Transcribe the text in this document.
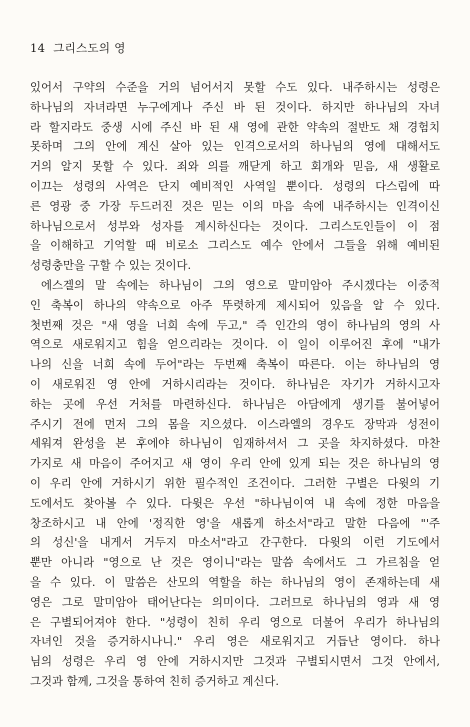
14 그리스도의 영
있어서 구약의 수준을 거의 넘어서지 못할 수도 있다. 내주하시는 성령은
하나님의 자녀라면 누구에게나 주신 바 된 것이다. 하지만 하나님의 자녀
라 할지라도 중생 시에 주신 바 된 새 영에 관한 약속의 절반도 채 경험치
못하며 그의 안에 계신 살아 있는 인격으로서의 하나님의 영에 대해서도
거의 알지 못할 수 있다. 죄와 의를 깨닫게 하고 회개와 믿음, 새 생활로
이끄는 성령의 사역은 단지 예비적인 사역일 뿐이다. 성령의 다스림에 따
른 영광 중 가장 두드러진 것은 믿는 이의 마음 속에 내주하시는 인격이신
하나님으로서 성부와 성자를 계시하신다는 것이다. 그리스도인들이 이 점
을 이해하고 기억할 때 비로소 그리스도 예수 안에서 그들을 위해 예비된
성령충만을 구할 수 있는 것이다.
에스겔의 말 속에는 하나님이 그의 영으로 말미암아 주시겠다는 이중적
인 축복이 하나의 약속으로 아주 뚜렷하게 제시되어 있음을 알 수 있다.
첫번째 것은 "새 영을 너희 속에 두고," 즉 인간의 영이 하나님의 영의 사
역으로 새로워지고 힘을 얻으리라는 것이다. 이 일이 이루어진 후에 "내가
나의 신을 너희 속에 두어"라는 두번째 축복이 따른다. 이는 하나님의 영
이 새로워진 영 안에 거하시리라는 것이다. 하나님은 자기가 거하시고자
하는 곳에 우선 거처를 마련하신다. 하나님은 아담에게 생기를 불어넣어
주시기 전에 먼저 그의 몸을 지으셨다. 이스라엘의 경우도 장막과 성전이
세워져 완성을 본 후에야 하나님이 임재하셔서 그 곳을 차지하셨다. 마찬
가지로 새 마음이 주어지고 새 영이 우리 안에 있게 되는 것은 하나님의 영
이 우리 안에 거하시기 위한 필수적인 조건이다. 그러한 구별은 다윗의 기
도에서도 찾아볼 수 있다. 다윗은 우선 "하나님이여 내 속에 정한 마음을
창조하시고 내 안에 '정직한 영'을 새롭게 하소서"라고 말한 다음에 "'주
의 성신'을 내게서 거두지 마소서"라고 간구한다. 다윗의 이런 기도에서
뿐만 아니라 "영으로 난 것은 영이니"라는 말씀 속에서도 그 가르침을 얻
을 수 있다. 이 말씀은 산모의 역할을 하는 하나님의 영이 존재하는데 새
영은 그로 말미암아 태어난다는 의미이다. 그러므로 하나님의 영과 새 영
은 구별되어져야 한다. "성령이 친히 우리 영으로 더불어 우리가 하나님의
자녀인 것을 증거하시나니." 우리 영은 새로워지고 거듭난 영이다. 하나
님의 성령은 우리 영 안에 거하시지만 그것과 구별되시면서 그것 안에서,
그것과 함께, 그것을 통하여 친히 증거하고 계신다.
